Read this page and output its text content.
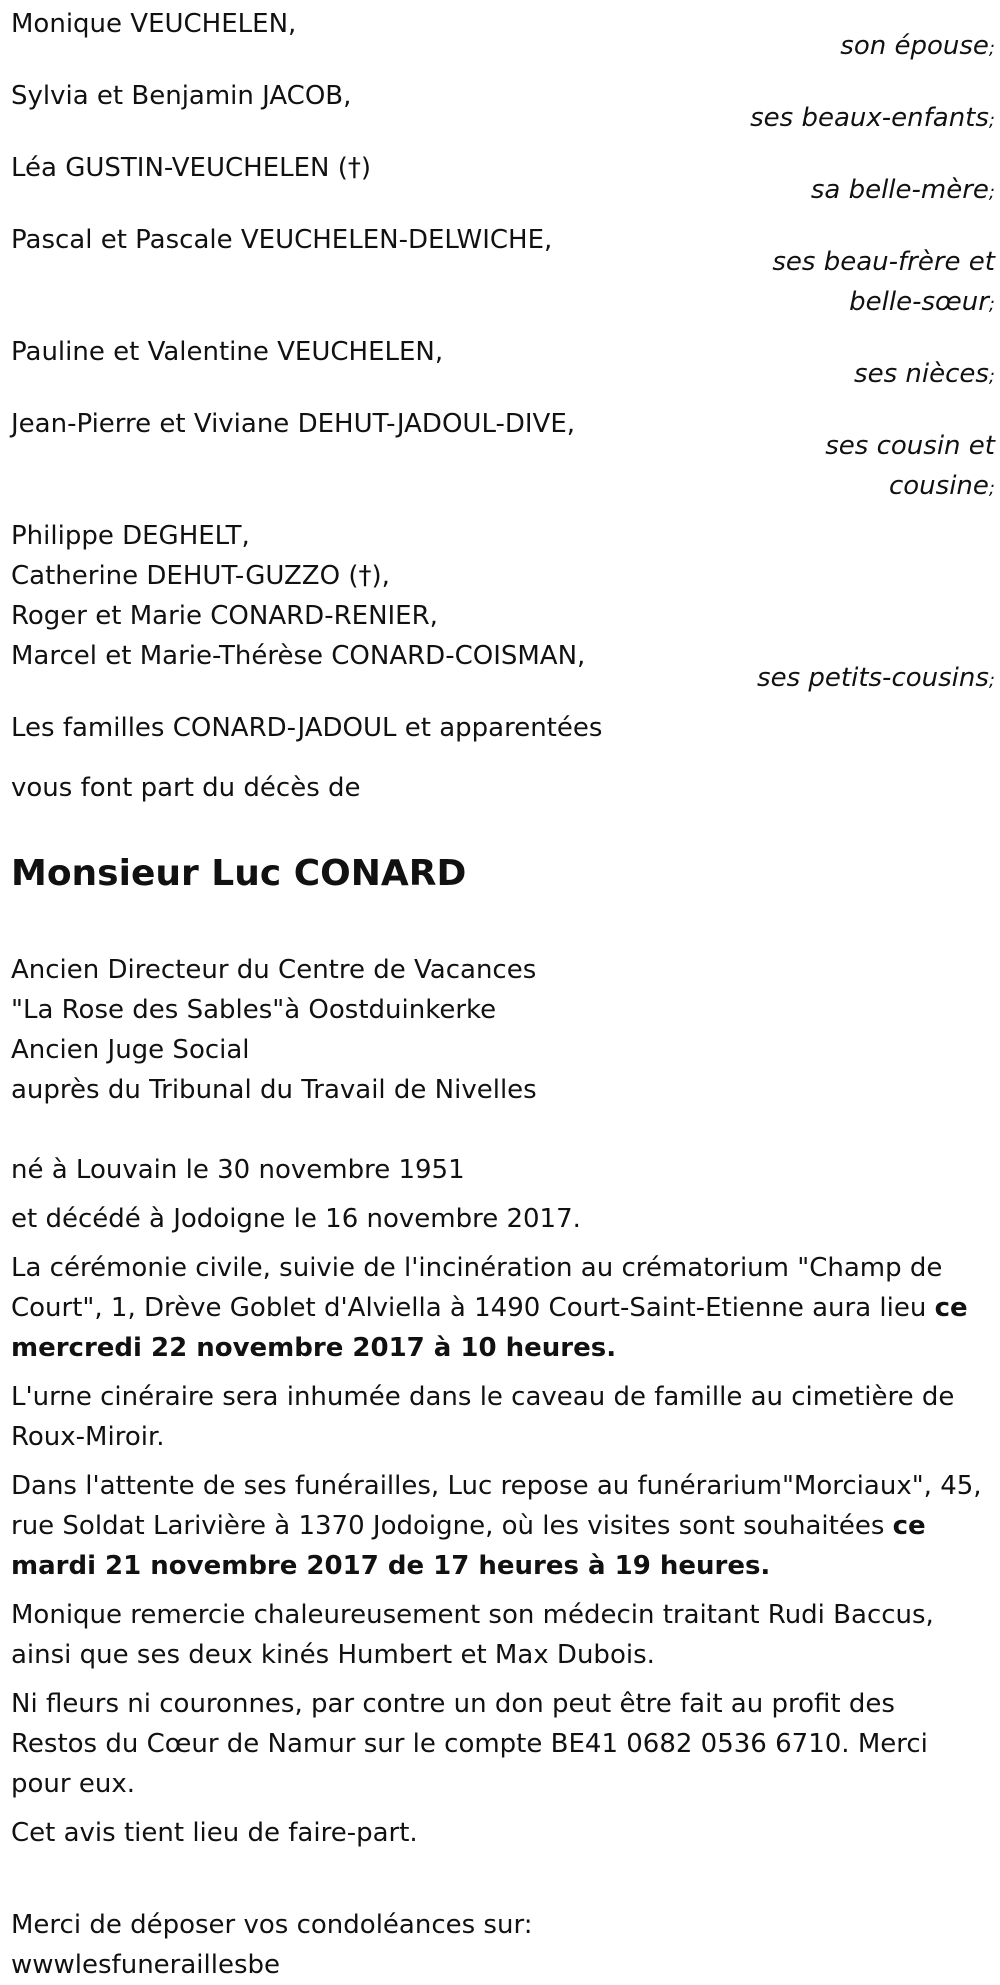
Monique VEUCHELEN,
son épouse;
Sylvia et Benjamin JACOB,
ses beaux-enfants;
Léa GUSTIN-VEUCHELEN (†)
sa belle-mère;
Pascal et Pascale VEUCHELEN-DELWICHE,
ses beau-frère et
belle-sœur;
Pauline et Valentine VEUCHELEN,
ses nièces;
Jean-Pierre et Viviane DEHUT-JADOUL-DIVE,
ses cousin et
cousine;
Philippe DEGHELT,
Catherine DEHUT-GUZZO (†),
Roger et Marie CONARD-RENIER,
Marcel et Marie-Thérèse CONARD-COISMAN,
ses petits-cousins;
Les familles CONARD-JADOUL et apparentées

vous font part du décès de

Monsieur Luc CONARD
Ancien Directeur du Centre de Vacances
"La Rose des Sables"à Oostduinkerke
Ancien Juge Social
auprès du Tribunal du Travail de Nivelles

né à Louvain le 30 novembre 1951

et décédé à Jodoigne le 16 novembre 2017.

La cérémonie civile, suivie de l'incinération au crématorium "Champ de Court", 1, Drève Goblet d'Alviella à 1490 Court-Saint-Etienne aura lieu ce mercredi 22 novembre 2017 à 10 heures.

L'urne cinéraire sera inhumée dans le caveau de famille au cimetière de Roux-Miroir.

Dans l'attente de ses funérailles, Luc repose au funérarium"Morciaux", 45, rue Soldat Larivière à 1370 Jodoigne, où les visites sont souhaitées ce mardi 21 novembre 2017 de 17 heures à 19 heures.

Monique remercie chaleureusement son médecin traitant Rudi Baccus, ainsi que ses deux kinés Humbert et Max Dubois.

Ni fleurs ni couronnes, par contre un don peut être fait au profit des Restos du Cœur de Namur sur le compte BE41 0682 0536 6710. Merci pour eux.

Cet avis tient lieu de faire-part.

Merci de déposer vos condoléances sur:
wwwlesfuneraillesbe
